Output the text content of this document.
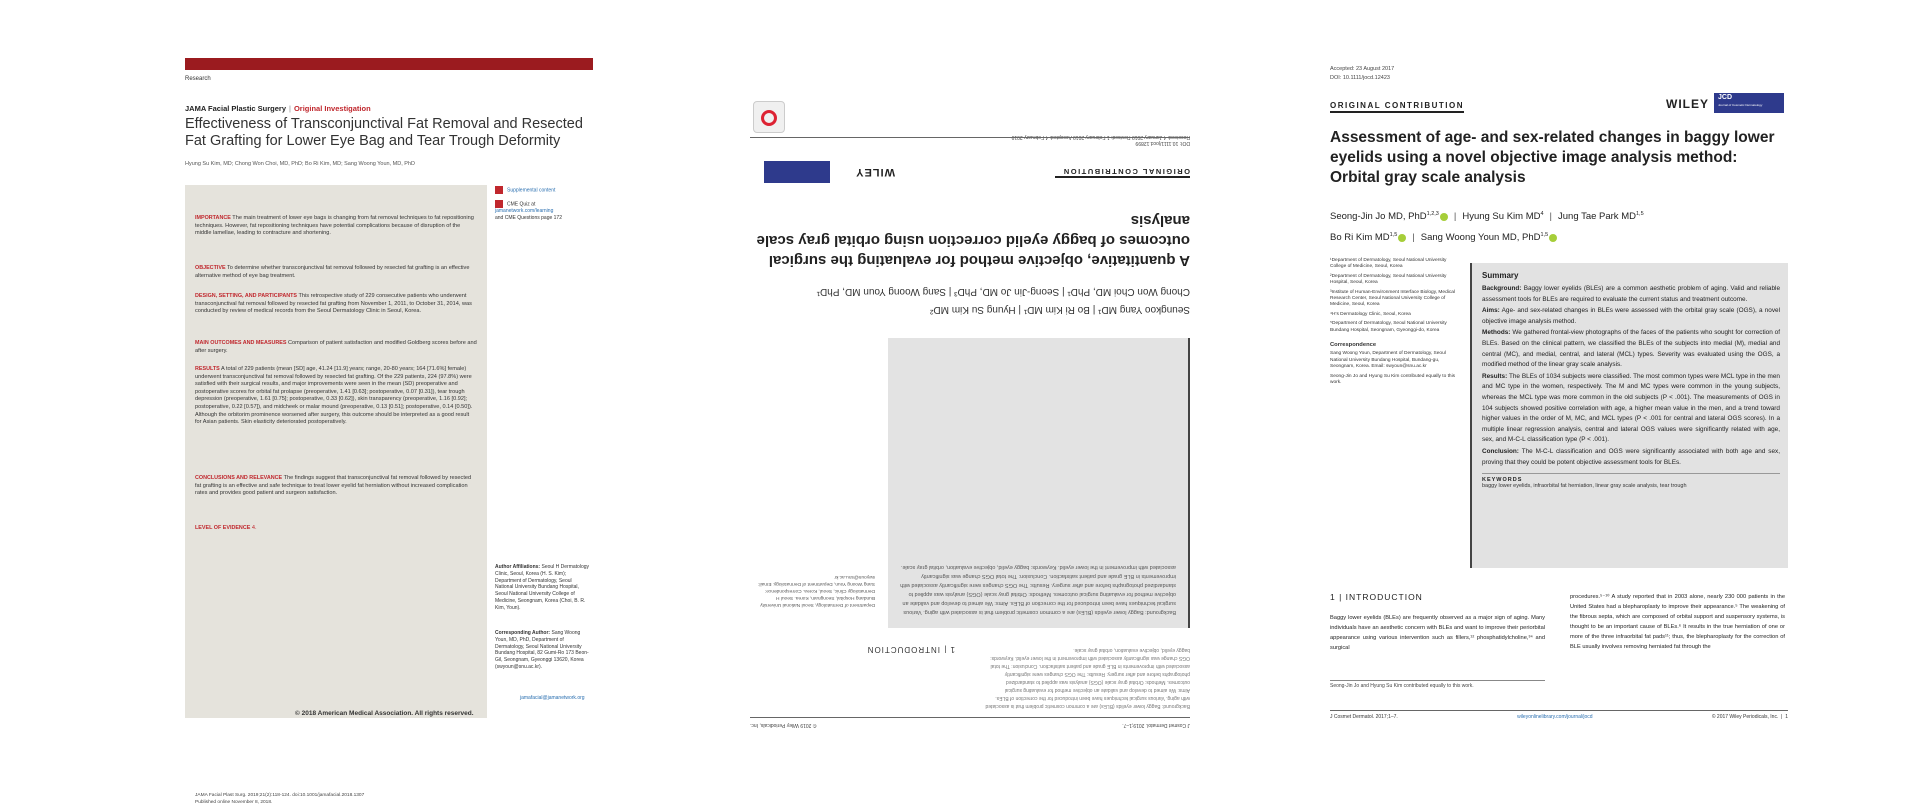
Research
JAMA Facial Plastic Surgery | Original Investigation
Effectiveness of Transconjunctival Fat Removal and Resected Fat Grafting for Lower Eye Bag and Tear Trough Deformity
Hyung Su Kim, MD; Chong Won Choi, MD, PhD; Bo Ri Kim, MD; Sang Woong Youn, MD, PhD
IMPORTANCE The main treatment of lower eye bags is changing from fat removal techniques to fat repositioning techniques. However, fat repositioning techniques have potential complications because of disruption of the middle lamellae, leading to contracture and shortening.
OBJECTIVE To determine whether transconjunctival fat removal followed by resected fat grafting is an effective alternative method of eye bag treatment.
DESIGN, SETTING, AND PARTICIPANTS This retrospective study of 229 consecutive patients who underwent transconjunctival fat removal followed by resected fat grafting from November 1, 2011, to October 31, 2014, was conducted by review of medical records from the Seoul Dermatology Clinic in Seoul, Korea.
MAIN OUTCOMES AND MEASURES Comparison of patient satisfaction and modified Goldberg scores before and after surgery.
RESULTS A total of 229 patients (mean [SD] age, 41.24 [11.9] years; range, 20-80 years; 164 [71.6%] female) underwent transconjunctival fat removal followed by resected fat grafting. Of the 229 patients, 224 (97.8%) were satisfied with their surgical results, and major improvements were seen in the mean (SD) preoperative and postoperative scores for orbital fat prolapse (preoperative, 1.41 [0.63]; postoperative, 0.07 [0.31]), tear trough depression (preoperative, 1.61 [0.75]; postoperative, 0.33 [0.62]), skin transparency (preoperative, 1.16 [0.92]; postoperative, 0.22 [0.57]), and midcheek or malar mound (preoperative, 0.13 [0.51]; postoperative, 0.14 [0.50]). Although the orbitorim prominence worsened after surgery, this outcome should be interpreted as a good result for Asian patients. Skin elasticity deteriorated postoperatively.
CONCLUSIONS AND RELEVANCE The findings suggest that transconjunctival fat removal followed by resected fat grafting is an effective and safe technique to treat lower eyelid fat herniation without increased complication rates and provides good patient and surgeon satisfaction.
LEVEL OF EVIDENCE 4.
JAMA Facial Plast Surg. 2019;21(2):118-124. doi:10.1001/jamafacial.2018.1307
Published online November 8, 2018.
Supplemental content
CME Quiz at
jamanetwork.com/learning
and CME Questions page 172
Author Affiliations: Seoul H Dermatology Clinic, Seoul, Korea (H. S. Kim); Department of Dermatology, Seoul National University Bundang Hospital, Seoul National University College of Medicine, Seongnam, Korea (Choi, B. R. Kim, Youn).
Corresponding Author: Sang Woong Youn, MD, PhD, Department of Dermatology, Seoul National University Bundang Hospital, 82 Gumi-Ro 173 Beon-Gil, Seongnam, Gyeonggi 13620, Korea (swyoun@snu.ac.kr).
jamafacial@jamanetwork.org
© 2018 American Medical Association. All rights reserved.
J Cosmet Dermatol. 2019;1–7.
© 2019 Wiley Periodicals, Inc.
Background: Baggy lower eyelids (BLEs) are a common cosmetic problem that is associated with aging. Various surgical techniques have been introduced for the correction of BLEs. Aims: We aimed to develop and validate an objective method for evaluating surgical outcomes. Methods: Orbital gray scale (OGS) analysis was applied to standardized photographs before and after surgery. Results: The OGS changes were significantly associated with improvements in BLE grade and patient satisfaction. Conclusion: The total OGS change was significantly associated with improvement in the lower eyelid. Keywords: baggy eyelid, objective evaluation, orbital gray scale.
1 | INTRODUCTION
Background: Baggy lower eyelids (BLEs) are a common cosmetic problem that is associated with aging. Various surgical techniques have been introduced for the correction of BLEs. Aims: We aimed to develop and validate an objective method for evaluating surgical outcomes. Methods: Orbital gray scale (OGS) analysis was applied to standardized photographs before and after surgery. Results: The OGS changes were significantly associated with improvements in BLE grade and patient satisfaction. Conclusion: The total OGS change was significantly associated with improvement in the lower eyelid. Keywords: baggy eyelid, objective evaluation, orbital gray scale.
Department of Dermatology, Seoul National University Bundang Hospital, Seongnam, Korea. Seoul H Dermatology Clinic, Seoul, Korea. Correspondence: Sang Woong Youn, Department of Dermatology. Email: swyoun@snu.ac.kr
Seungkoo Yang MD¹ | Bo Ri Kim MD¹ | Hyung Su Kim MD²
Chong Won Choi MD, PhD¹ | Seong-Jin Jo MD, PhD³ | Sang Woong Youn MD, PhD¹
A quantitative, objective method for evaluating the surgical outcomes of baggy eyelid correction using orbital gray scale analysis
ORIGINAL CONTRIBUTION
WILEY
DOI: 10.1111/jocd.12899
Accepted: 23 August 2017
DOI: 10.1111/jocd.12423
ORIGINAL CONTRIBUTION	WILEY JCD
Journal of Cosmetic Dermatology
Assessment of age- and sex-related changes in baggy lower eyelids using a novel objective image analysis method: Orbital gray scale analysis
Seong-Jin Jo MD, PhD$^{1,2,3}$ | Hyung Su Kim $MD^4$ | Jung Tae Park MD$^{1,5}$
Bo Ri Kim MD$^{1,5}$ | Sang Woong Youn MD, PhD$^{1,5}$

¹Department of Dermatology, Seoul National University College of Medicine, Seoul, Korea

²Department of Dermatology, Seoul National University Hospital, Seoul, Korea

³Institute of Human-Environment Interface Biology, Medical Research Center, Seoul National University College of Medicine, Seoul, Korea

⁴H's Dermatology Clinic, Seoul, Korea

⁵Department of Dermatology, Seoul National University Bundang Hospital, Seongnam, Gyeonggi-do, Korea

Correspondence

Sang Woong Youn, Department of Dermatology, Seoul National University Bundang Hospital, Bundang-gu, Seongnam, Korea. Email: swyoun@snu.ac.kr

Seong-Jin Jo and Hyung Su Kim contributed equally to this work.

Summary

Background: Baggy lower eyelids (BLEs) are a common aesthetic problem of aging. Valid and reliable assessment tools for BLEs are required to evaluate the current status and treatment outcome.

Aims: Age- and sex-related changes in BLEs were assessed with the orbital gray scale (OGS), a novel objective image analysis method.

Methods: We gathered frontal-view photographs of the faces of the patients who sought for correction of BLEs. Based on the clinical pattern, we classified the BLEs of the subjects into medial (M), medial and central (MC), and medial, central, and lateral (MCL) types. Severity was evaluated using the OGS, a modified method of the linear gray scale analysis.

Results: The BLEs of 1034 subjects were classified. The most common types were MCL type in the men and MC type in the women, respectively. The M and MC types were common in the young subjects, whereas the MCL type was more common in the old subjects (P < .001). The measurements of OGS in 104 subjects showed positive correlation with age, a higher mean value in the men, and a trend toward higher values in the order of M, MC, and MCL types (P < .001 for central and lateral OGS scores). In a multiple linear regression analysis, central and lateral OGS values were significantly related with age, sex, and M-C-L classification type (P < .001).

Conclusion: The M-C-L classification and OGS were significantly associated with both age and sex, proving that they could be potent objective assessment tools for BLEs.

KEYWORDS
baggy lower eyelids, infraorbital fat herniation, linear gray scale analysis, tear trough
1 | INTRODUCTION

Baggy lower eyelids (BLEs) are frequently observed as a major sign of aging. Many individuals have an aesthetic concern with BLEs and want to improve their periorbital appearance using various intervention such as fillers,¹² phosphatidylcholine,³⁴ and surgical

procedures.⁵⁻¹⁰ A study reported that in 2003 alone, nearly 230 000 patients in the United States had a blepharoplasty to improve their appearance.⁵ The weakening of the fibrous septa, which are composed of orbital support and suspensory systems, is thought to be an important cause of BLEs.⁶ It results in the true herniation of one or more of the three infraorbital fat pads¹¹; thus, the blepharoplasty for the correction of BLE usually involves removing herniated fat through the

Seong-Jin Jo and Hyung Su Kim contributed equally to this work.
J Cosmet Dermatol. 2017;1–7.	wileyonlinelibrary.com/journal/jocd	© 2017 Wiley Periodicals, Inc.  |  1
